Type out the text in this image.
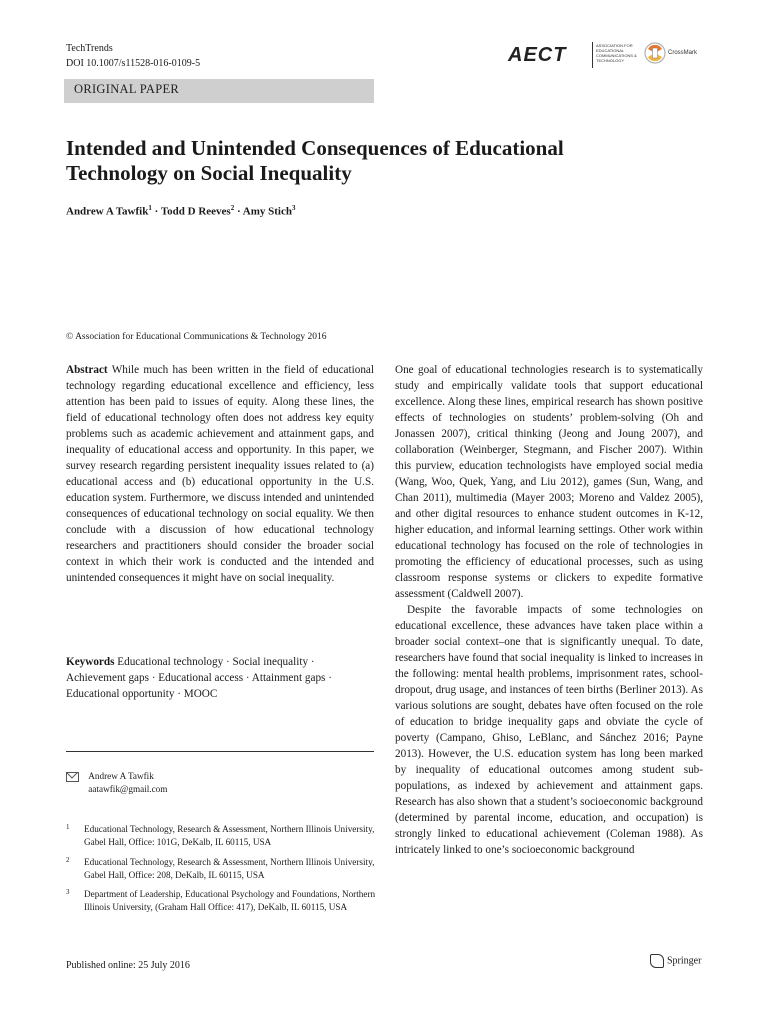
TechTrends
DOI 10.1007/s11528-016-0109-5	AECT	ASSOCIATION FOR EDUCATIONAL COMMUNICATIONS & TECHNOLOGY
CrossMark
ORIGINAL PAPER
Intended and Unintended Consequences of Educational
Technology on Social Inequality
Andrew A Tawfik$^1$ · Todd D Reeves$^2$ · Amy Stich$^3$
© Association for Educational Communications & Technology 2016

Abstract While much has been written in the field of educational technology regarding educational excellence and efficiency, less attention has been paid to issues of equity. Along these lines, the field of educational technology often does not address key equity problems such as academic achievement and attainment gaps, and inequality of educational access and opportunity. In this paper, we survey research regarding persistent inequality issues related to (a) educational access and (b) educational opportunity in the U.S. education system. Furthermore, we discuss intended and unintended consequences of educational technology on social equality. We then conclude with a discussion of how educational technology researchers and practitioners should consider the broader social context in which their work is conducted and the intended and unintended consequences it might have on social inequality.

Keywords Educational technology · Social inequality · Achievement gaps · Educational access · Attainment gaps · Educational opportunity · MOOC

Andrew A Tawfik
aatawfik@gmail.com
1 Educational Technology, Research & Assessment, Northern Illinois University, Gabel Hall, Office: 101G, DeKalb, IL 60115, USA
2 Educational Technology, Research & Assessment, Northern Illinois University, Gabel Hall, Office: 208, DeKalb, IL 60115, USA
3 Department of Leadership, Educational Psychology and Foundations, Northern Illinois University, (Graham Hall Office: 417), DeKalb, IL 60115, USA

One goal of educational technologies research is to systematically study and empirically validate tools that support educational excellence. Along these lines, empirical research has shown positive effects of technologies on students’ problem-solving (Oh and Jonassen 2007), critical thinking (Jeong and Joung 2007), and collaboration (Weinberger, Stegmann, and Fischer 2007). Within this purview, education technologists have employed social media (Wang, Woo, Quek, Yang, and Liu 2012), games (Sun, Wang, and Chan 2011), multimedia (Mayer 2003; Moreno and Valdez 2005), and other digital resources to enhance student outcomes in K-12, higher education, and informal learning settings. Other work within educational technology has focused on the role of technologies in promoting the efficiency of educational processes, such as using classroom response systems or clickers to expedite formative assessment (Caldwell 2007).

Despite the favorable impacts of some technologies on educational excellence, these advances have taken place within a broader social context–one that is significantly unequal. To date, researchers have found that social inequality is linked to increases in the following: mental health problems, imprisonment rates, school-dropout, drug usage, and instances of teen births (Berliner 2013). As various solutions are sought, debates have often focused on the role of education to bridge inequality gaps and obviate the cycle of poverty (Campano, Ghiso, LeBlanc, and Sánchez 2016; Payne 2013). However, the U.S. education system has long been marked by inequality of educational outcomes among student sub-populations, as indexed by achievement and attainment gaps. Research has also shown that a student’s socioeconomic background (determined by parental income, education, and occupation) is strongly linked to educational achievement (Coleman 1988). As intricately linked to one’s socioeconomic background

Published online: 25 July 2016	Springer
